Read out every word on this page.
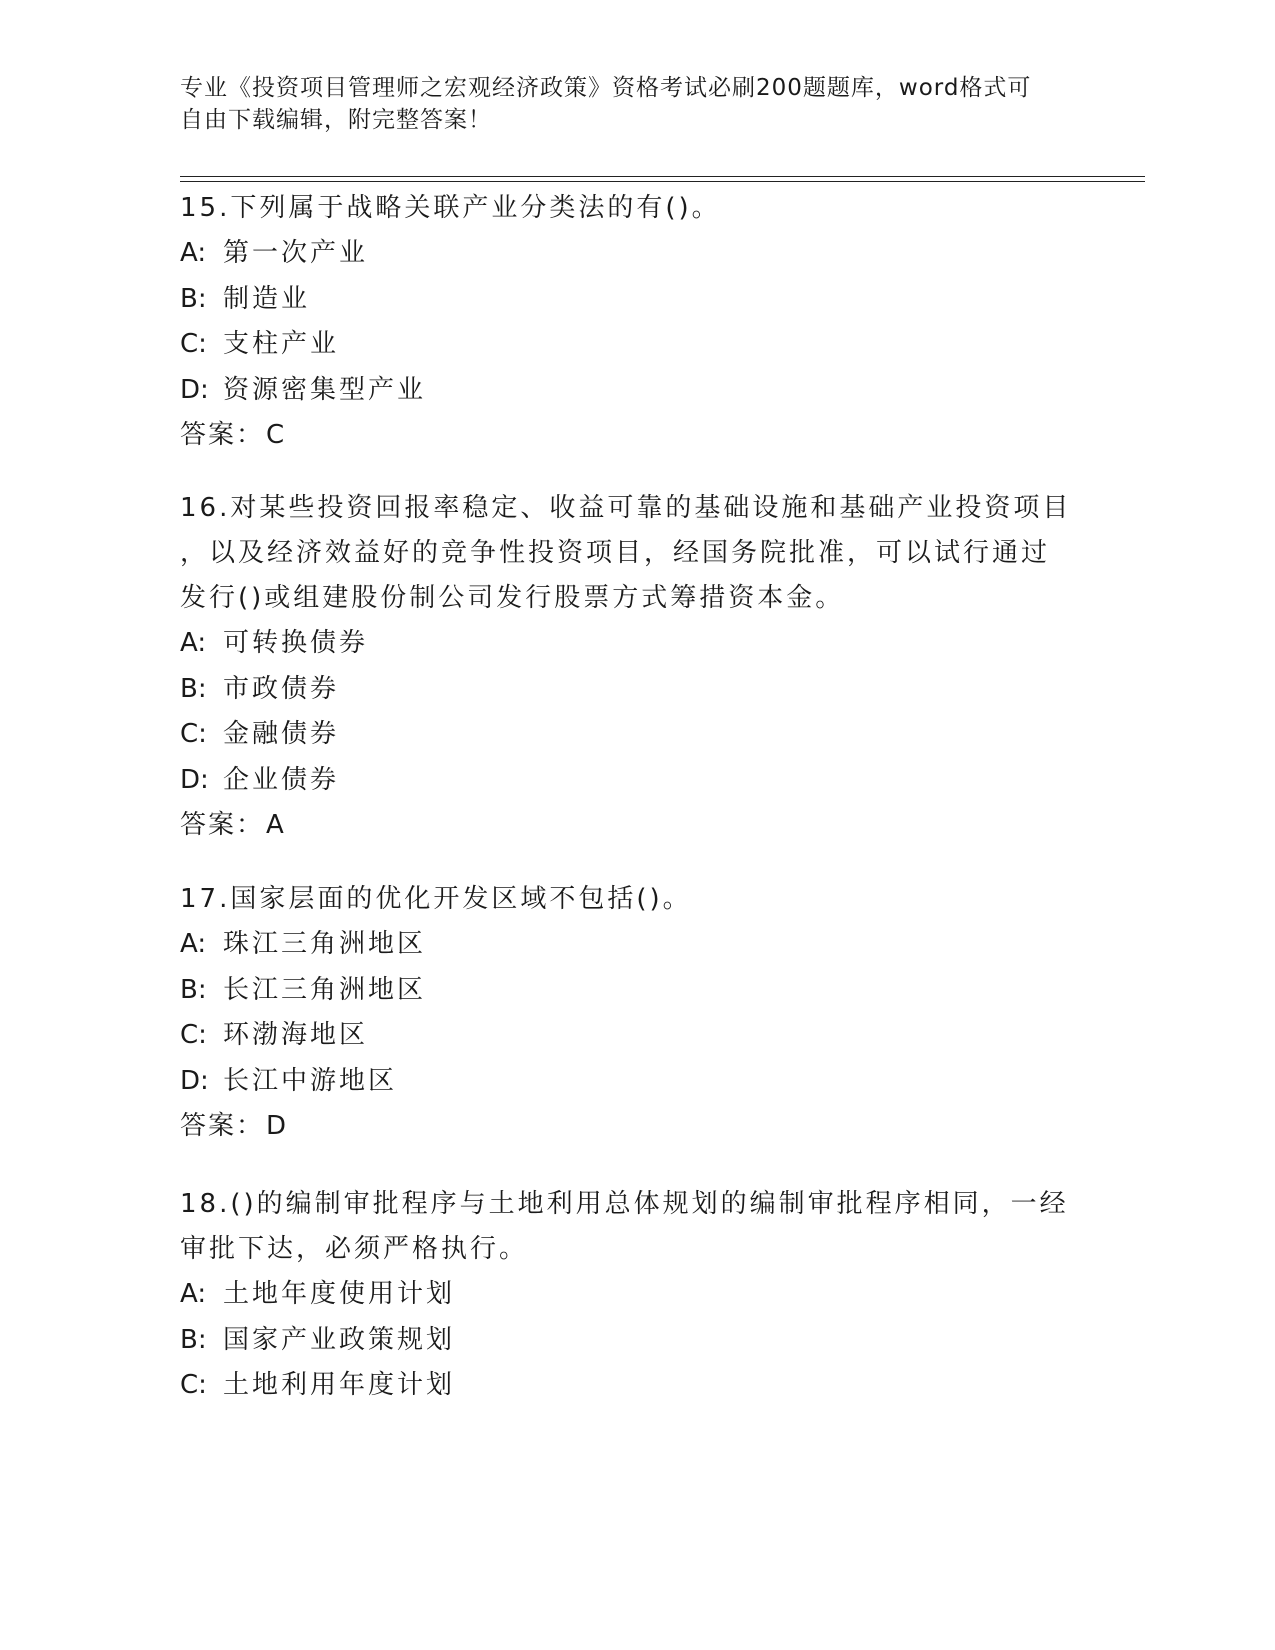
专业《投资项目管理师之宏观经济政策》资格考试必刷200题题库，word格式可
自由下载编辑，附完整答案！

15.下列属于战略关联产业分类法的有()。

A: 第一次产业

B: 制造业

C: 支柱产业

D: 资源密集型产业

答案：C

16.对某些投资回报率稳定、收益可靠的基础设施和基础产业投资项目

，以及经济效益好的竞争性投资项目，经国务院批准，可以试行通过

发行()或组建股份制公司发行股票方式筹措资本金。

A: 可转换债券

B: 市政债券

C: 金融债券

D: 企业债券

答案：A

17.国家层面的优化开发区域不包括()。

A: 珠江三角洲地区

B: 长江三角洲地区

C: 环渤海地区

D: 长江中游地区

答案：D

18.()的编制审批程序与土地利用总体规划的编制审批程序相同，一经

审批下达，必须严格执行。

A: 土地年度使用计划

B: 国家产业政策规划

C: 土地利用年度计划
